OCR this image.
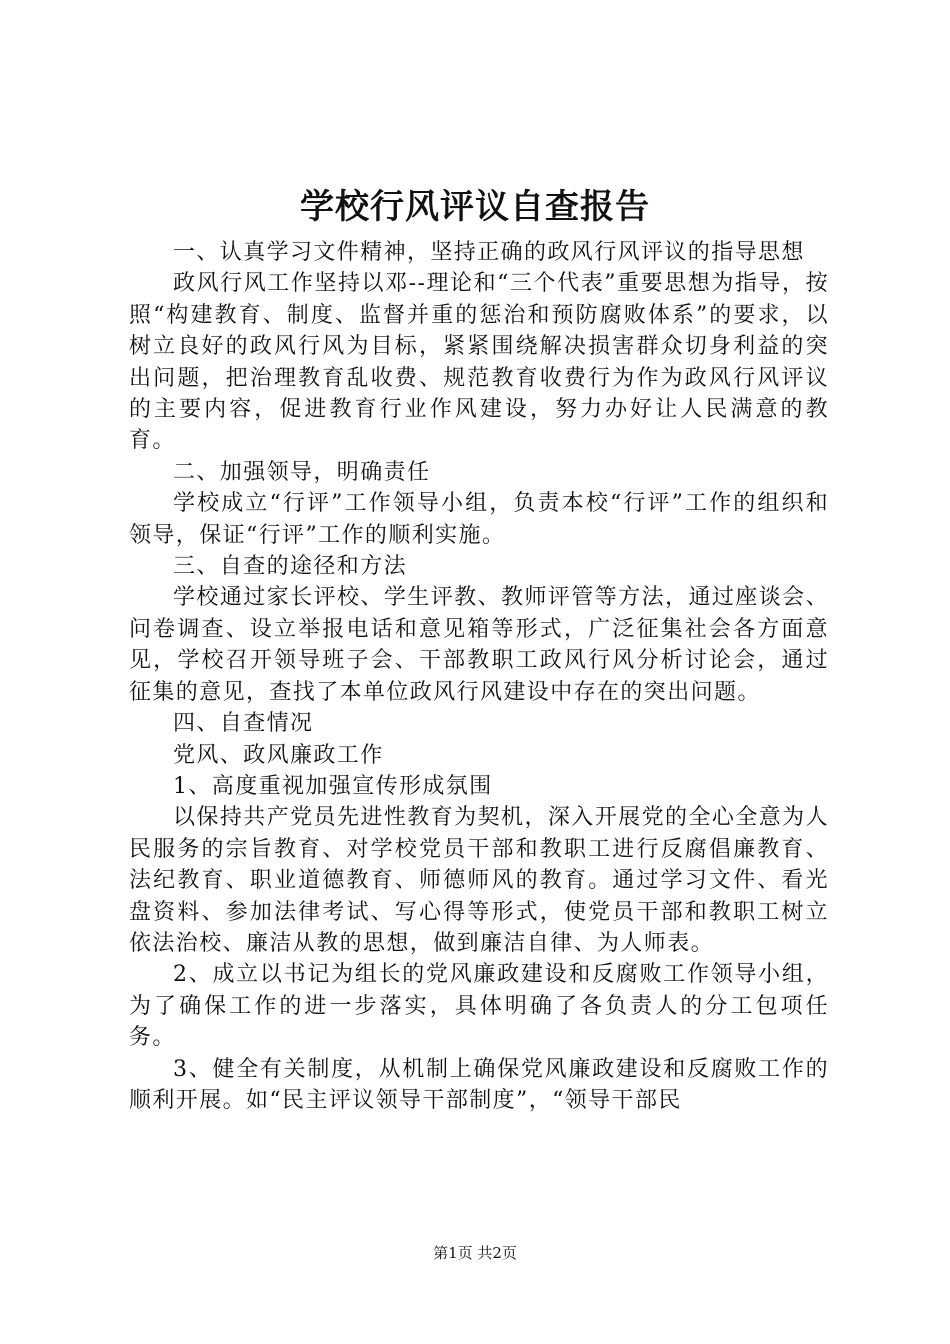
学校行风评议自查报告

一、认真学习文件精神，坚持正确的政风行风评议的指导思想

政风行风工作坚持以邓--理论和“三个代表”重要思想为指导，按照“构建教育、制度、监督并重的惩治和预防腐败体系”的要求，以树立良好的政风行风为目标，紧紧围绕解决损害群众切身利益的突出问题，把治理教育乱收费、规范教育收费行为作为政风行风评议的主要内容，促进教育行业作风建设，努力办好让人民满意的教育。

二、加强领导，明确责任

学校成立“行评”工作领导小组，负责本校“行评”工作的组织和领导，保证“行评”工作的顺利实施。

三、自查的途径和方法

学校通过家长评校、学生评教、教师评管等方法，通过座谈会、问卷调查、设立举报电话和意见箱等形式，广泛征集社会各方面意见，学校召开领导班子会、干部教职工政风行风分析讨论会，通过征集的意见，查找了本单位政风行风建设中存在的突出问题。

四、自查情况

党风、政风廉政工作

1、高度重视加强宣传形成氛围

以保持共产党员先进性教育为契机，深入开展党的全心全意为人民服务的宗旨教育、对学校党员干部和教职工进行反腐倡廉教育、法纪教育、职业道德教育、师德师风的教育。通过学习文件、看光盘资料、参加法律考试、写心得等形式，使党员干部和教职工树立依法治校、廉洁从教的思想，做到廉洁自律、为人师表。

2、成立以书记为组长的党风廉政建设和反腐败工作领导小组，为了确保工作的进一步落实，具体明确了各负责人的分工包项任务。

3、健全有关制度，从机制上确保党风廉政建设和反腐败工作的顺利开展。如“民主评议领导干部制度”，“领导干部民

第1页 共2页
